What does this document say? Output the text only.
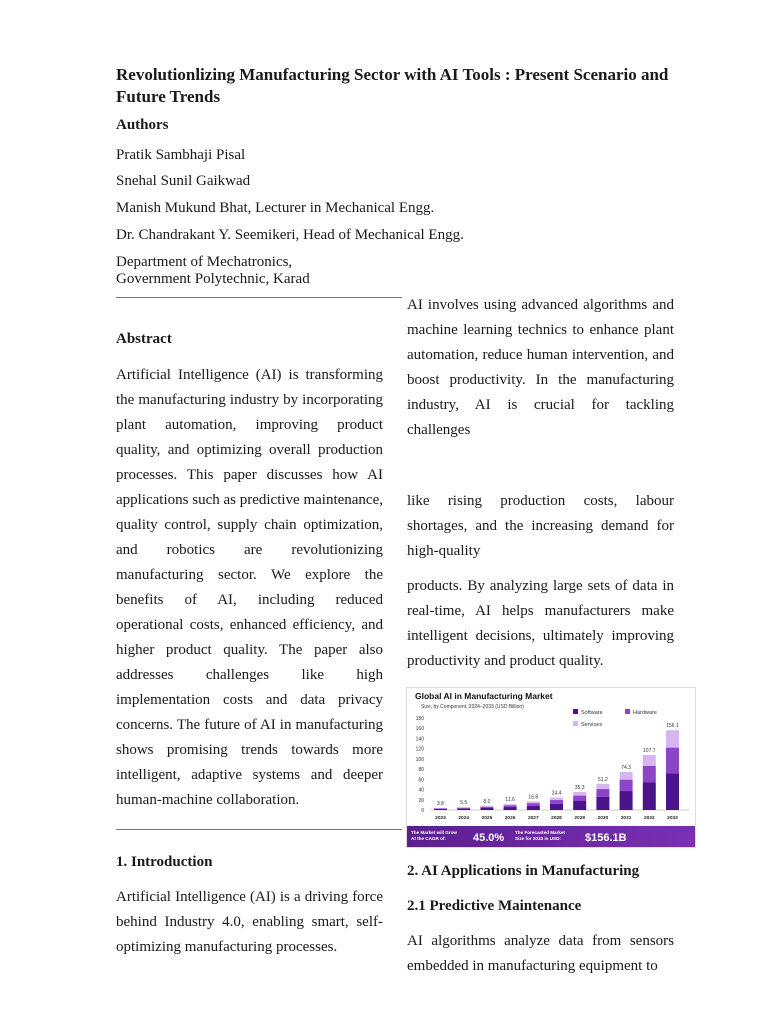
Revolutionlizing Manufacturing Sector with AI Tools : Present Scenario and Future Trends
Authors
Pratik Sambhaji Pisal
Snehal Sunil Gaikwad
Manish Mukund Bhat, Lecturer in Mechanical Engg.
Dr. Chandrakant Y. Seemikeri, Head of Mechanical Engg.
Department of Mechatronics,
Government Polytechnic, Karad
Abstract

Artificial Intelligence (AI) is transforming the manufacturing industry by incorporating plant automation, improving product quality, and optimizing overall production processes. This paper discusses how AI applications such as predictive maintenance, quality control, supply chain optimization, and robotics are revolutionizing manufacturing sector. We explore the benefits of AI, including reduced operational costs, enhanced efficiency, and higher product quality. The paper also addresses challenges like high implementation costs and data privacy concerns. The future of AI in manufacturing shows promising trends towards more intelligent, adaptive systems and deeper human-machine collaboration.

1. Introduction

Artificial Intelligence (AI) is a driving force behind Industry 4.0, enabling smart, self-optimizing manufacturing processes.

AI involves using advanced algorithms and machine learning technics to enhance plant automation, reduce human intervention, and boost productivity. In the manufacturing industry, AI is crucial for tackling challenges

like rising production costs, labour shortages, and the increasing demand for high-quality

products. By analyzing large sets of data in real-time, AI helps manufacturers make intelligent decisions, ultimately improving productivity and product quality.

Global AI in Manufacturing Market
Size, by Component, 2024–2033 (USD Billion)
Software	Hardware
Services
0
20
40
60
80
100
120
140
160
180
3.8
2023
5.5
2024
8.0
2025
11.6
2026
16.8
2027
24.4
2028
35.3
2029
51.2
2030
74.3
2031
107.7
2032
156.1
2033
The Market will Grow
At the CAGR of: 45.0% The Forecasted Market
Size for 2033 in USD: $156.1B
2. AI Applications in Manufacturing
2.1 Predictive Maintenance

AI algorithms analyze data from sensors embedded in manufacturing equipment to
